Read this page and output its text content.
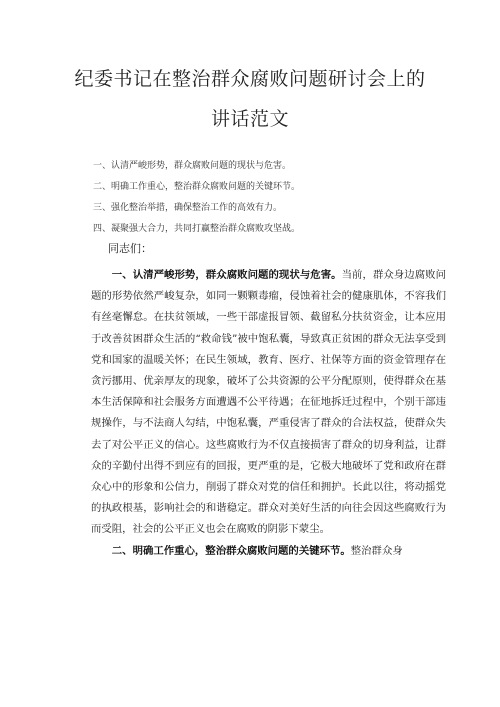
纪委书记在整治群众腐败问题研讨会上的
讲话范文
一、认清严峻形势，群众腐败问题的现状与危害。
二、明确工作重心，整治群众腐败问题的关键环节。
三、强化整治举措，确保整治工作的高效有力。
四、凝聚强大合力，共同打赢整治群众腐败攻坚战。

同志们：

一、认清严峻形势，群众腐败问题的现状与危害。当前，群众身边腐败问题的形势依然严峻复杂，如同一颗颗毒瘤，侵蚀着社会的健康肌体，不容我们有丝毫懈怠。在扶贫领域，一些干部虚报冒领、截留私分扶贫资金，让本应用于改善贫困群众生活的“救命钱”被中饱私囊，导致真正贫困的群众无法享受到党和国家的温暖关怀；在民生领域，教育、医疗、社保等方面的资金管理存在贪污挪用、优亲厚友的现象，破坏了公共资源的公平分配原则，使得群众在基本生活保障和社会服务方面遭遇不公平待遇；在征地拆迁过程中，个别干部违规操作，与不法商人勾结，中饱私囊，严重侵害了群众的合法权益，使群众失去了对公平正义的信心。这些腐败行为不仅直接损害了群众的切身利益，让群众的辛勤付出得不到应有的回报，更严重的是，它极大地破坏了党和政府在群众心中的形象和公信力，削弱了群众对党的信任和拥护。长此以往，将动摇党的执政根基，影响社会的和谐稳定。群众对美好生活的向往会因这些腐败行为而受阻，社会的公平正义也会在腐败的阴影下蒙尘。

二、明确工作重心，整治群众腐败问题的关键环节。整治群众身
